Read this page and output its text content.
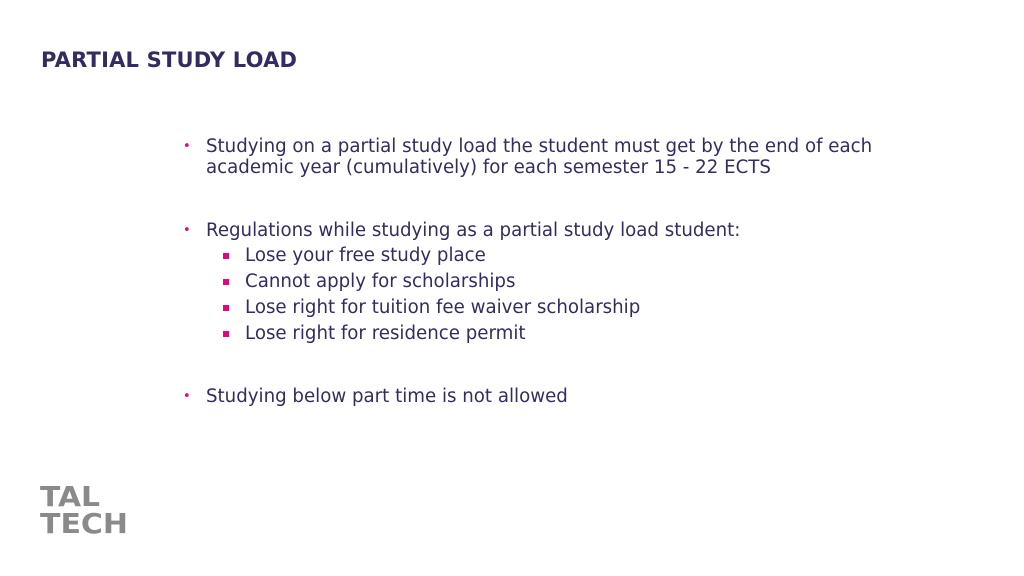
PARTIAL STUDY LOAD
• Studying on a partial study load the student must get by the end of each academic year (cumulatively) for each semester 15 - 22 ECTS
• Regulations while studying as a partial study load student:
Lose your free study place
Cannot apply for scholarships
Lose right for tuition fee waiver scholarship
Lose right for residence permit
• Studying below part time is not allowed
TAL
TECH
